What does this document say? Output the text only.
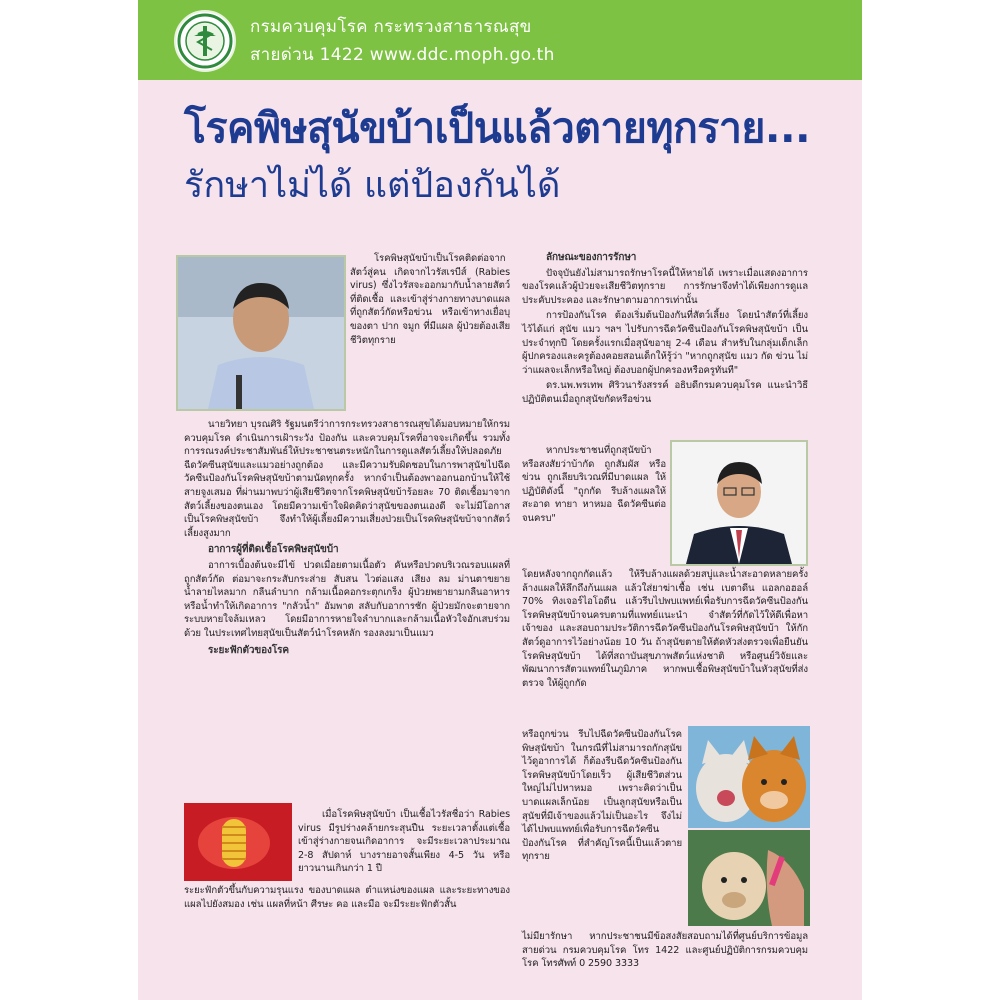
กรมควบคุมโรค กระทรวงสาธารณสุข
สายด่วน 1422 www.ddc.moph.go.th
โรคพิษสุนัขบ้าเป็นแล้วตายทุกราย...
รักษาไม่ได้ แต่ป้องกันได้

โรคพิษสุนัขบ้าเป็นโรคติดต่อจากสัตว์สู่คน เกิดจากไวรัสเรบีส์ (Rabies virus) ซึ่งไวรัสจะออกมากับน้ำลายสัตว์ที่ติดเชื้อ และเข้าสู่ร่างกายทางบาดแผลที่ถูกสัตว์กัดหรือข่วน หรือเข้าทางเยื่อบุของตา ปาก จมูก ที่มีแผล ผู้ป่วยต้องเสียชีวิตทุกราย

นายวิทยา บุรณศิริ รัฐมนตรีว่าการกระทรวงสาธารณสุขได้มอบหมายให้กรมควบคุมโรค ดำเนินการเฝ้าระวัง ป้องกัน และควบคุมโรคที่อาจจะเกิดขึ้น รวมทั้งการรณรงค์ประชาสัมพันธ์ให้ประชาชนตระหนักในการดูแลสัตว์เลี้ยงให้ปลอดภัย ฉีดวัคซีนสุนัขและแมวอย่างถูกต้อง และมีความรับผิดชอบในการพาสุนัขไปฉีดวัคซีนป้องกันโรคพิษสุนัขบ้าตามนัดทุกครั้ง หากจำเป็นต้องพาออกนอกบ้านให้ใช้สายจูงเสมอ ที่ผ่านมาพบว่าผู้เสียชีวิตจากโรคพิษสุนัขบ้าร้อยละ 70 ติดเชื้อมาจากสัตว์เลี้ยงของตนเอง โดยมีความเข้าใจผิดคิดว่าสุนัขของตนเองดี จะไม่มีโอกาสเป็นโรคพิษสุนัขบ้า จึงทำให้ผู้เลี้ยงมีความเสี่ยงป่วยเป็นโรคพิษสุนัขบ้าจากสัตว์เลี้ยงสูงมาก

อาการผู้ที่ติดเชื้อโรคพิษสุนัขบ้า

อาการเบื้องต้นจะมีไข้ ปวดเมื่อยตามเนื้อตัว คันหรือปวดบริเวณรอบแผลที่ถูกสัตว์กัด ต่อมาจะกระสับกระส่าย สับสน ไวต่อแสง เสียง ลม ม่านตาขยาย น้ำลายไหลมาก กลืนลำบาก กล้ามเนื้อคอกระตุกเกร็ง ผู้ป่วยพยายามกลืนอาหารหรือน้ำทำให้เกิดอาการ "กลัวน้ำ" อัมพาต สลับกับอาการชัก ผู้ป่วยมักจะตายจากระบบหายใจล้มเหลว โดยมีอาการหายใจลำบากและกล้ามเนื้อหัวใจอักเสบร่วมด้วย ในประเทศไทยสุนัขเป็นสัตว์นำโรคหลัก รองลงมาเป็นแมว

ระยะฟักตัวของโรค

เมื่อโรคพิษสุนัขบ้า เป็นเชื้อไวรัสชื่อว่า Rabies virus มีรูปร่างคล้ายกระสุนปืน ระยะเวลาตั้งแต่เชื้อเข้าสู่ร่างกายจนเกิดอาการ จะมีระยะเวลาประมาณ 2-8 สัปดาห์ บางรายอาจสั้นเพียง 4-5 วัน หรือยาวนานเกินกว่า 1 ปี

ระยะฟักตัวขึ้นกับความรุนแรง ของบาดแผล ตำแหน่งของแผล และระยะทางของแผลไปยังสมอง เช่น แผลที่หน้า ศีรษะ คอ และมือ จะมีระยะฟักตัวสั้น

ลักษณะของการรักษา

ปัจจุบันยังไม่สามารถรักษาโรคนี้ให้หายได้ เพราะเมื่อแสดงอาการของโรคแล้วผู้ป่วยจะเสียชีวิตทุกราย การรักษาจึงทำได้เพียงการดูแล ประคับประคอง และรักษาตามอาการเท่านั้น

การป้องกันโรค ต้องเริ่มต้นป้องกันที่สัตว์เลี้ยง โดยนำสัตว์ที่เลี้ยงไว้ได้แก่ สุนัข แมว ฯลฯ ไปรับการฉีดวัคซีนป้องกันโรคพิษสุนัขบ้า เป็นประจำทุกปี โดยครั้งแรกเมื่อสุนัขอายุ 2-4 เดือน สำหรับในกลุ่มเด็กเล็ก ผู้ปกครองและครูต้องคอยสอนเด็กให้รู้ว่า "หากถูกสุนัข แมว กัด ข่วน ไม่ว่าแผลจะเล็กหรือใหญ่ ต้องบอกผู้ปกครองหรือครูทันที"

ดร.นพ.พรเทพ ศิริวนารังสรรค์ อธิบดีกรมควบคุมโรค แนะนำวิธีปฏิบัติตนเมื่อถูกสุนัขกัดหรือข่วน

หากประชาชนที่ถูกสุนัขบ้าหรือสงสัยว่าบ้ากัด ถูกสัมผัส หรือข่วน ถูกเลียบริเวณที่มีบาดแผล ให้ปฏิบัติดังนี้ "ถูกกัด รีบล้างแผลให้สะอาด ทายา หาหมอ ฉีดวัคซีนต่อจนครบ"

โดยหลังจากถูกกัดแล้ว ให้รีบล้างแผลด้วยสบู่และน้ำสะอาดหลายครั้ง ล้างแผลให้ลึกถึงก้นแผล แล้วใส่ยาฆ่าเชื้อ เช่น เบตาดีน แอลกอฮอล์ 70% ทิงเจอร์ไอโอดีน แล้วรีบไปพบแพทย์เพื่อรับการฉีดวัคซีนป้องกันโรคพิษสุนัขบ้าจนครบตามที่แพทย์แนะนำ จำสัตว์ที่กัดไว้ให้ดีเพื่อหาเจ้าของ และสอบถามประวัติการฉีดวัคซีนป้องกันโรคพิษสุนัขบ้า ให้กักสัตว์ดูอาการไว้อย่างน้อย 10 วัน ถ้าสุนัขตายให้ตัดหัวส่งตรวจเพื่อยืนยันโรคพิษสุนัขบ้า ได้ที่สถาบันสุขภาพสัตว์แห่งชาติ หรือศูนย์วิจัยและพัฒนาการสัตวแพทย์ในภูมิภาค หากพบเชื้อพิษสุนัขบ้าในหัวสุนัขที่ส่งตรวจ ให้ผู้ถูกกัด

หรือถูกข่วน รีบไปฉีดวัคซีนป้องกันโรคพิษสุนัขบ้า ในกรณีที่ไม่สามารถกักสุนัขไว้ดูอาการได้ ก็ต้องรีบฉีดวัคซีนป้องกันโรคพิษสุนัขบ้าโดยเร็ว ผู้เสียชีวิตส่วนใหญ่ไม่ไปหาหมอ เพราะคิดว่าเป็นบาดแผลเล็กน้อย เป็นลูกสุนัขหรือเป็นสุนัขที่มีเจ้าของแล้วไม่เป็นอะไร จึงไม่ได้ไปพบแพทย์เพื่อรับการฉีดวัคซีนป้องกันโรค ที่สำคัญโรคนี้เป็นแล้วตายทุกราย

ไม่มียารักษา หากประชาชนมีข้อสงสัยสอบถามได้ที่ศูนย์บริการข้อมูลสายด่วน กรมควบคุมโรค โทร 1422 และศูนย์ปฏิบัติการกรมควบคุมโรค โทรศัพท์ 0 2590 3333
